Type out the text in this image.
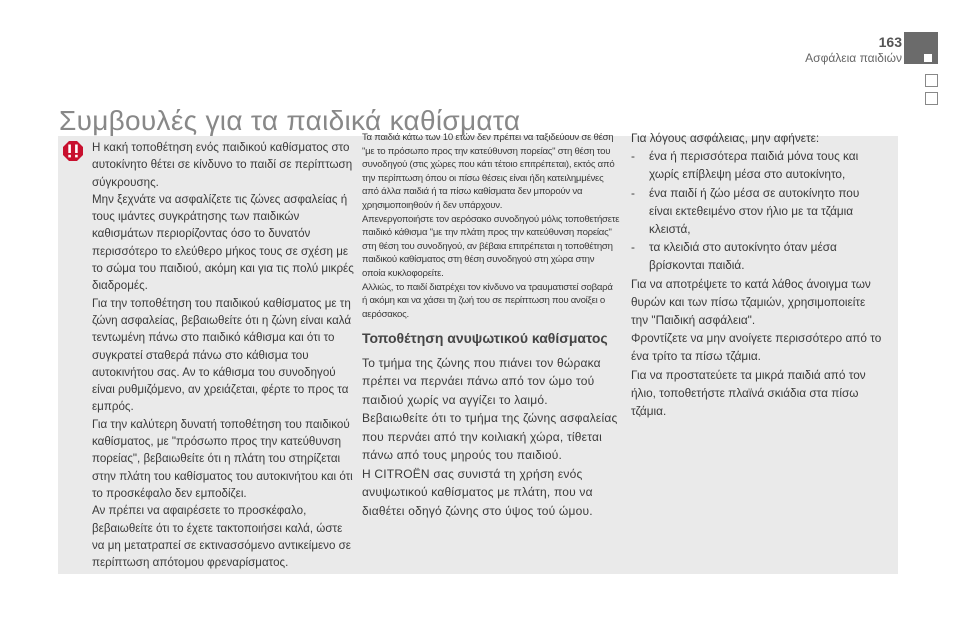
163
Ασφάλεια παιδιών
Συμβουλές για τα παιδικά καθίσματα

Η κακή τοποθέτηση ενός παιδικού καθίσματος στο αυτοκίνητο θέτει σε κίνδυνο το παιδί σε περίπτωση σύγκρουσης.

Μην ξεχνάτε να ασφαλίζετε τις ζώνες ασφαλείας ή τους ιμάντες συγκράτησης των παιδικών καθισμάτων περιορίζοντας όσο το δυνατόν περισσότερο το ελεύθερο μήκος τους σε σχέση με το σώμα του παιδιού, ακόμη και για τις πολύ μικρές διαδρομές.

Για την τοποθέτηση του παιδικού καθίσματος με τη ζώνη ασφαλείας, βεβαιωθείτε ότι η ζώνη είναι καλά τεντωμένη πάνω στο παιδικό κάθισμα και ότι το συγκρατεί σταθερά πάνω στο κάθισμα του αυτοκινήτου σας. Αν το κάθισμα του συνοδηγού είναι ρυθμιζόμενο, αν χρειάζεται, φέρτε το προς τα εμπρός.

Για την καλύτερη δυνατή τοποθέτηση του παιδικού καθίσματος, με "πρόσωπο προς την κατεύθυνση πορείας", βεβαιωθείτε ότι η πλάτη του στηρίζεται στην πλάτη του καθίσματος του αυτοκινήτου και ότι το προσκέφαλο δεν εμποδίζει.

Αν πρέπει να αφαιρέσετε το προσκέφαλο, βεβαιωθείτε ότι το έχετε τακτοποιήσει καλά, ώστε να μη μετατραπεί σε εκτινασσόμενο αντικείμενο σε περίπτωση απότομου φρεναρίσματος.

Τα παιδιά κάτω των 10 ετών δεν πρέπει να ταξιδεύουν σε θέση "με το πρόσωπο προς την κατεύθυνση πορείας" στη θέση του συνοδηγού (στις χώρες που κάτι τέτοιο επιτρέπεται), εκτός από την περίπτωση όπου οι πίσω θέσεις είναι ήδη κατειλημμένες από άλλα παιδιά ή τα πίσω καθίσματα δεν μπορούν να χρησιμοποιηθούν ή δεν υπάρχουν.

Απενεργοποιήστε τον αερόσακο συνοδηγού μόλις τοποθετήσετε παιδικό κάθισμα "με την πλάτη προς την κατεύθυνση πορείας" στη θέση του συνοδηγού, αν βέβαια επιτρέπεται η τοποθέτηση παιδικού καθίσματος στη θέση συνοδηγού στη χώρα στην οποία κυκλοφορείτε.

Αλλιώς, το παιδί διατρέχει τον κίνδυνο να τραυματιστεί σοβαρά ή ακόμη και να χάσει τη ζωή του σε περίπτωση που ανοίξει ο αερόσακος.

Τοποθέτηση ανυψωτικού καθίσματος

Το τμήμα της ζώνης που πιάνει τον θώρακα πρέπει να περνάει πάνω από τον ώμο τού παιδιού χωρίς να αγγίζει το λαιμό.

Βεβαιωθείτε ότι το τμήμα της ζώνης ασφαλείας που περνάει από την κοιλιακή χώρα, τίθεται πάνω από τους μηρούς του παιδιού.

Η CITROËN σας συνιστά τη χρήση ενός ανυψωτικού καθίσματος με πλάτη, που να διαθέτει οδηγό ζώνης στο ύψος τού ώμου.

Για λόγους ασφάλειας, μην αφήνετε:

-	ένα ή περισσότερα παιδιά μόνα τους και χωρίς επίβλεψη μέσα στο αυτοκίνητο,
-	ένα παιδί ή ζώο μέσα σε αυτοκίνητο που είναι εκτεθειμένο στον ήλιο με τα τζάμια κλειστά,
-	τα κλειδιά στο αυτοκίνητο όταν μέσα βρίσκονται παιδιά.

Για να αποτρέψετε το κατά λάθος άνοιγμα των θυρών και των πίσω τζαμιών, χρησιμοποιείτε την "Παιδική ασφάλεια".

Φροντίζετε να μην ανοίγετε περισσότερο από το ένα τρίτο τα πίσω τζάμια.

Για να προστατεύετε τα μικρά παιδιά από τον ήλιο, τοποθετήστε πλαϊνά σκιάδια στα πίσω τζάμια.
